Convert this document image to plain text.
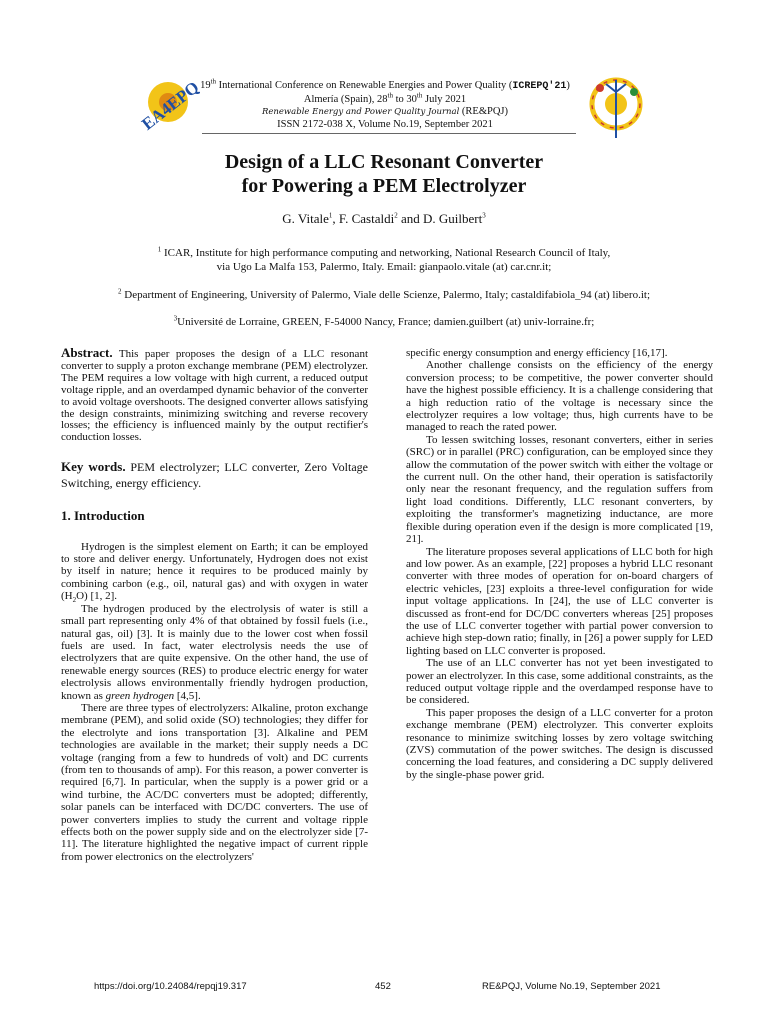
EA4EPQ
19th International Conference on Renewable Energies and Power Quality (ICREPQ'21)
Almería (Spain), 28th to 30th July 2021
Renewable Energy and Power Quality Journal (RE&PQJ)
ISSN 2172-038 X, Volume No.19, September 2021
Design of a LLC Resonant Converter
for Powering a PEM Electrolyzer
G. Vitale$^1$, F. Castaldi$^2$ and D. Guilbert$^3$
$^1$ ICAR, Institute for high performance computing and networking, National Research Council of Italy,
via Ugo La Malfa 153, Palermo, Italy. Email: gianpaolo.vitale (at) car.cnr.it;
$^2$ Department of Engineering, University of Palermo, Viale delle Scienze, Palermo, Italy; castaldifabiola_94 (at) libero.it;
$^3$Université de Lorraine, GREEN, F-54000 Nancy, France; damien.guilbert (at) univ-lorraine.fr;

Abstract. This paper proposes the design of a LLC resonant converter to supply a proton exchange membrane (PEM) electrolyzer. The PEM requires a low voltage with high current, a reduced output voltage ripple, and an overdamped dynamic behavior of the converter to avoid voltage overshoots. The designed converter allows satisfying the design constraints, minimizing switching and reverse recovery losses; the efficiency is influenced mainly by the output rectifier's conduction losses.

Key words. PEM electrolyzer; LLC converter, Zero Voltage Switching, energy efficiency.

1. Introduction

Hydrogen is the simplest element on Earth; it can be employed to store and deliver energy. Unfortunately, Hydrogen does not exist by itself in nature; hence it requires to be produced mainly by combining carbon (e.g., oil, natural gas) and with oxygen in water $(H_2O)$ [1, 2].

The hydrogen produced by the electrolysis of water is still a small part representing only 4% of that obtained by fossil fuels (i.e., natural gas, oil) [3]. It is mainly due to the lower cost when fossil fuels are used. In fact, water electrolysis needs the use of electrolyzers that are quite expensive. On the other hand, the use of renewable energy sources (RES) to produce electric energy for water electrolysis allows environmentally friendly hydrogen production, known as green hydrogen [4,5].

There are three types of electrolyzers: Alkaline, proton exchange membrane (PEM), and solid oxide (SO) technologies; they differ for the electrolyte and ions transportation [3]. Alkaline and PEM technologies are available in the market; their supply needs a DC voltage (ranging from a few to hundreds of volt) and DC currents (from ten to thousands of amp). For this reason, a power converter is required [6,7]. In particular, when the supply is a power grid or a wind turbine, the AC/DC converters must be adopted; differently, solar panels can be interfaced with DC/DC converters. The use of power converters implies to study the current and voltage ripple effects both on the power supply side and on the electrolyzer side [7-11]. The literature highlighted the negative impact of current ripple from power electronics on the electrolyzers'

specific energy consumption and energy efficiency [16,17].

Another challenge consists on the efficiency of the energy conversion process; to be competitive, the power converter should have the highest possible efficiency. It is a challenge considering that a high reduction ratio of the voltage is necessary since the electrolyzer requires a low voltage; thus, high currents have to be managed to reach the rated power.

To lessen switching losses, resonant converters, either in series (SRC) or in parallel (PRC) configuration, can be employed since they allow the commutation of the power switch with either the voltage or the current null. On the other hand, their operation is satisfactorily only near the resonant frequency, and the regulation suffers from light load conditions. Differently, LLC resonant converters, by exploiting the transformer's magnetizing inductance, are more flexible during operation even if the design is more complicated [19, 21].

The literature proposes several applications of LLC both for high and low power. As an example, [22] proposes a hybrid LLC resonant converter with three modes of operation for on-board chargers of electric vehicles, [23] exploits a three-level configuration for wide input voltage applications. In [24], the use of LLC converter is discussed as front-end for DC/DC converters whereas [25] proposes the use of LLC converter together with partial power conversion to achieve high step-down ratio; finally, in [26] a power supply for LED lighting based on LLC converter is proposed.

The use of an LLC converter has not yet been investigated to power an electrolyzer. In this case, some additional constraints, as the reduced output voltage ripple and the overdamped response have to be considered.

This paper proposes the design of a LLC converter for a proton exchange membrane (PEM) electrolyzer. This converter exploits resonance to minimize switching losses by zero voltage switching (ZVS) commutation of the power switches. The design is discussed concerning the load features, and considering a DC supply delivered by the single-phase power grid.

https://doi.org/10.24084/repqj19.317	452	RE&PQJ, Volume No.19, September 2021
